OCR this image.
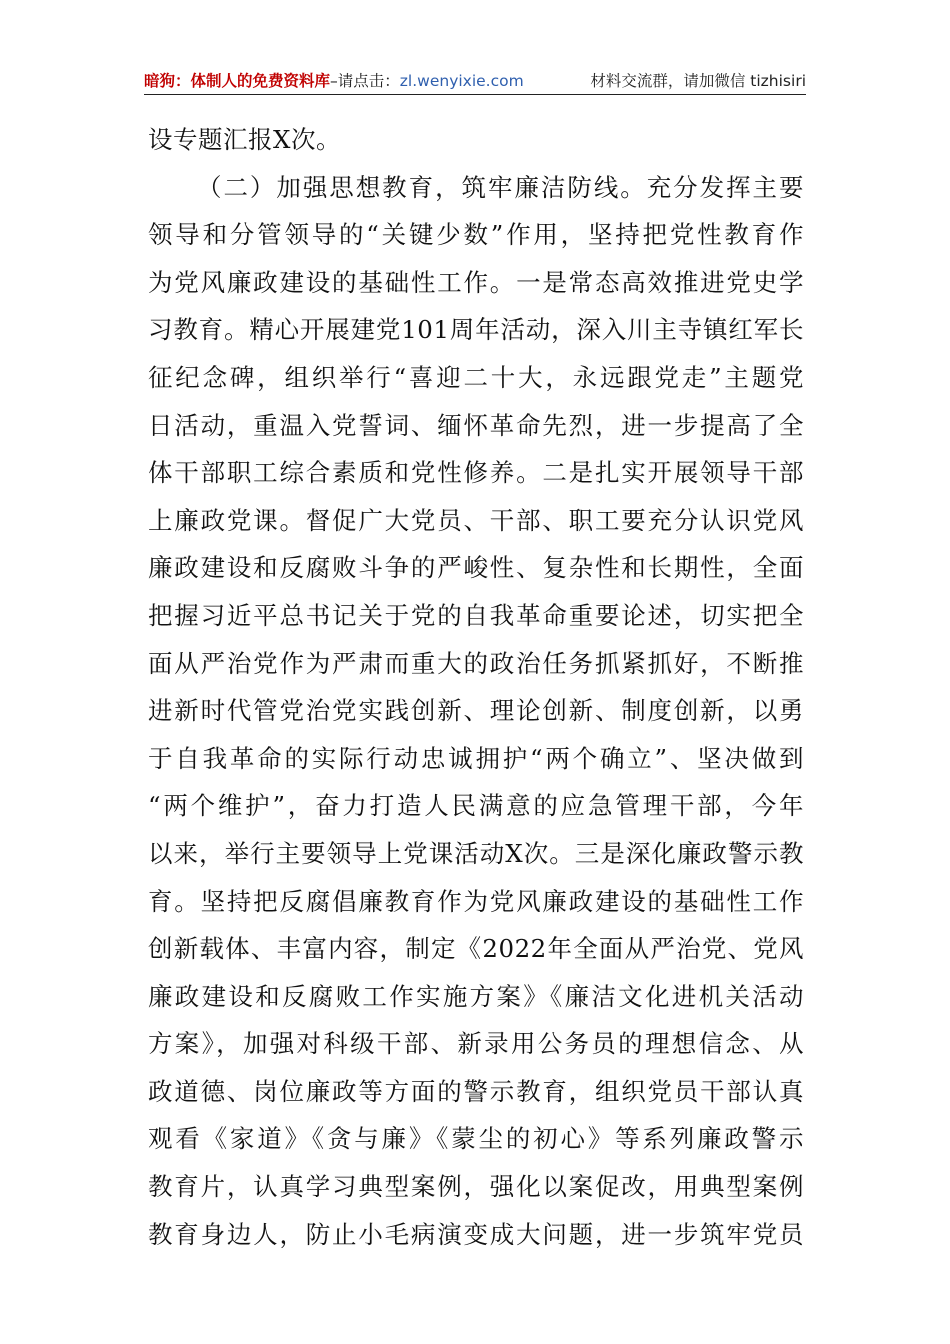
暗狗：体制人的免费资料库–请点击：zl.wenyixie.com	材料交流群，请加微信 tizhisiri
设专题汇报X次。
（二）加强思想教育，筑牢廉洁防线。充分发挥主要
领导和分管领导的“关键少数”作用，坚持把党性教育作
为党风廉政建设的基础性工作。一是常态高效推进党史学
习教育。精心开展建党101周年活动，深入川主寺镇红军长
征纪念碑，组织举行“喜迎二十大，永远跟党走”主题党
日活动，重温入党誓词、缅怀革命先烈，进一步提高了全
体干部职工综合素质和党性修养。二是扎实开展领导干部
上廉政党课。督促广大党员、干部、职工要充分认识党风
廉政建设和反腐败斗争的严峻性、复杂性和长期性，全面
把握习近平总书记关于党的自我革命重要论述，切实把全
面从严治党作为严肃而重大的政治任务抓紧抓好，不断推
进新时代管党治党实践创新、理论创新、制度创新，以勇
于自我革命的实际行动忠诚拥护“两个确立”、坚决做到
“两个维护”，奋力打造人民满意的应急管理干部，今年
以来，举行主要领导上党课活动X次。三是深化廉政警示教
育。坚持把反腐倡廉教育作为党风廉政建设的基础性工作
创新载体、丰富内容，制定《2022年全面从严治党、党风
廉政建设和反腐败工作实施方案》《廉洁文化进机关活动
方案》，加强对科级干部、新录用公务员的理想信念、从
政道德、岗位廉政等方面的警示教育，组织党员干部认真
观看《家道》《贪与廉》《蒙尘的初心》等系列廉政警示
教育片，认真学习典型案例，强化以案促改，用典型案例
教育身边人，防止小毛病演变成大问题，进一步筑牢党员
